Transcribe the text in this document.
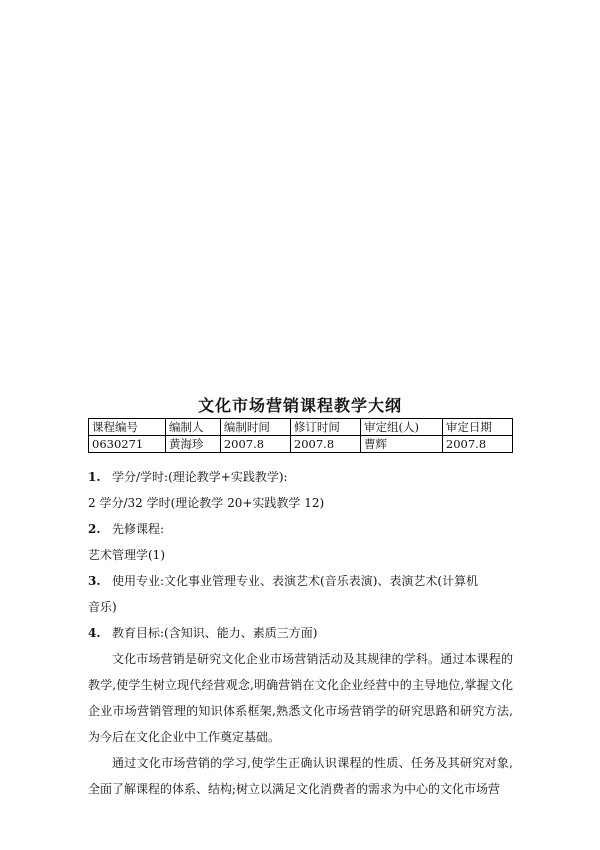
文化市场营销课程教学大纲
课程编号	编制人	编制时间	修订时间	审定组(人)	审定日期
0630271	黄海珍	2007.8	2007.8	曹辉	2007.8

1. 学分/学时:(理论教学+实践教学):

2 学分/32 学时(理论教学 20+实践教学 12)

2. 先修课程:

艺术管理学(1)

3. 使用专业:文化事业管理专业、表演艺术(音乐表演)、表演艺术(计算机

音乐)

4. 教育目标:(含知识、能力、素质三方面)

文化市场营销是研究文化企业市场营销活动及其规律的学科。通过本课程的教学,使学生树立现代经营观念,明确营销在文化企业经营中的主导地位,掌握文化企业市场营销管理的知识体系框架,熟悉文化市场营销学的研究思路和研究方法,为今后在文化企业中工作奠定基础。

通过文化市场营销的学习,使学生正确认识课程的性质、任务及其研究对象,全面了解课程的体系、结构;树立以满足文化消费者的需求为中心的文化市场营
